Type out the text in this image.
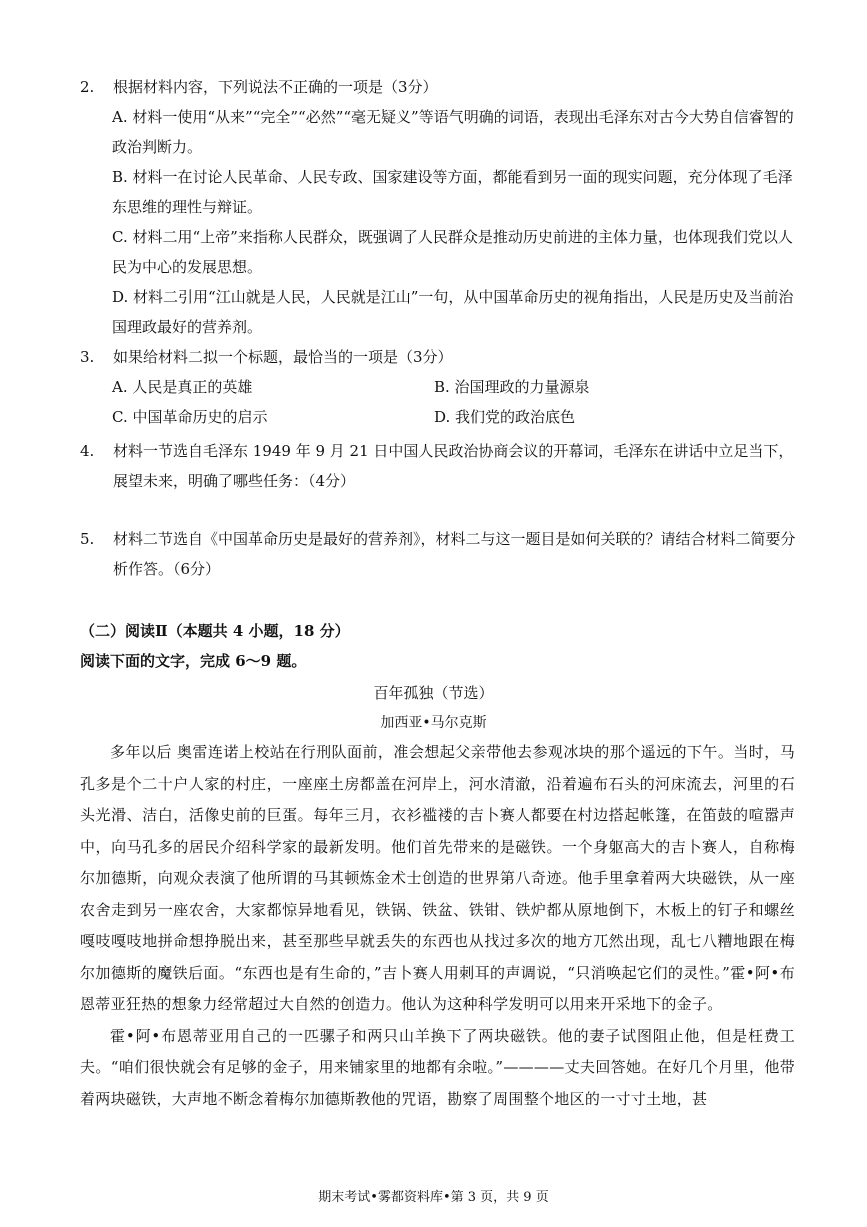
2. 根据材料内容，下列说法不正确的一项是（3分）
A. 材料一使用“从来”“完全”“必然”“毫无疑义”等语气明确的词语，表现出毛泽东对古今大势自信睿智的政治判断力。
B. 材料一在讨论人民革命、人民专政、国家建设等方面，都能看到另一面的现实问题，充分体现了毛泽东思维的理性与辩证。
C. 材料二用“上帝”来指称人民群众，既强调了人民群众是推动历史前进的主体力量，也体现我们党以人民为中心的发展思想。
D. 材料二引用“江山就是人民，人民就是江山”一句，从中国革命历史的视角指出，人民是历史及当前治国理政最好的营养剂。
3. 如果给材料二拟一个标题，最恰当的一项是（3分）
A. 人民是真正的英雄	B. 治国理政的力量源泉
C. 中国革命历史的启示	D. 我们党的政治底色
4. 材料一节选自毛泽东 1949 年 9 月 21 日中国人民政治协商会议的开幕词，毛泽东在讲话中立足当下，展望未来，明确了哪些任务：（4分）
5. 材料二节选自《中国革命历史是最好的营养剂》，材料二与这一题目是如何关联的？请结合材料二简要分析作答。（6分）
（二）阅读Ⅱ（本题共 4 小题，18 分）
阅读下面的文字，完成 6～9 题。
百年孤独（节选）
加西亚•马尔克斯

多年以后 奥雷连诺上校站在行刑队面前，准会想起父亲带他去参观冰块的那个遥远的下午。当时，马孔多是个二十户人家的村庄，一座座土房都盖在河岸上，河水清澈，沿着遍布石头的河床流去，河里的石头光滑、洁白，活像史前的巨蛋。每年三月，衣衫褴褛的吉卜赛人都要在村边搭起帐篷，在笛鼓的喧嚣声中，向马孔多的居民介绍科学家的最新发明。他们首先带来的是磁铁。一个身躯高大的吉卜赛人，自称梅尔加德斯，向观众表演了他所谓的马其顿炼金术士创造的世界第八奇迹。他手里拿着两大块磁铁，从一座农舍走到另一座农舍，大家都惊异地看见，铁锅、铁盆、铁钳、铁炉都从原地倒下，木板上的钉子和螺丝嘎吱嘎吱地拼命想挣脱出来，甚至那些早就丢失的东西也从找过多次的地方兀然出现，乱七八糟地跟在梅尔加德斯的魔铁后面。“东西也是有生命的，”吉卜赛人用刺耳的声调说，“只消唤起它们的灵性。”霍•阿•布恩蒂亚狂热的想象力经常超过大自然的创造力。他认为这种科学发明可以用来开采地下的金子。

霍•阿•布恩蒂亚用自己的一匹骡子和两只山羊换下了两块磁铁。他的妻子试图阻止他，但是枉费工夫。“咱们很快就会有足够的金子，用来铺家里的地都有余啦。”————丈夫回答她。在好几个月里，他带着两块磁铁，大声地不断念着梅尔加德斯教他的咒语，勘察了周围整个地区的一寸寸土地，甚

期末考试•雾都资料库•第 3 页，共 9 页
